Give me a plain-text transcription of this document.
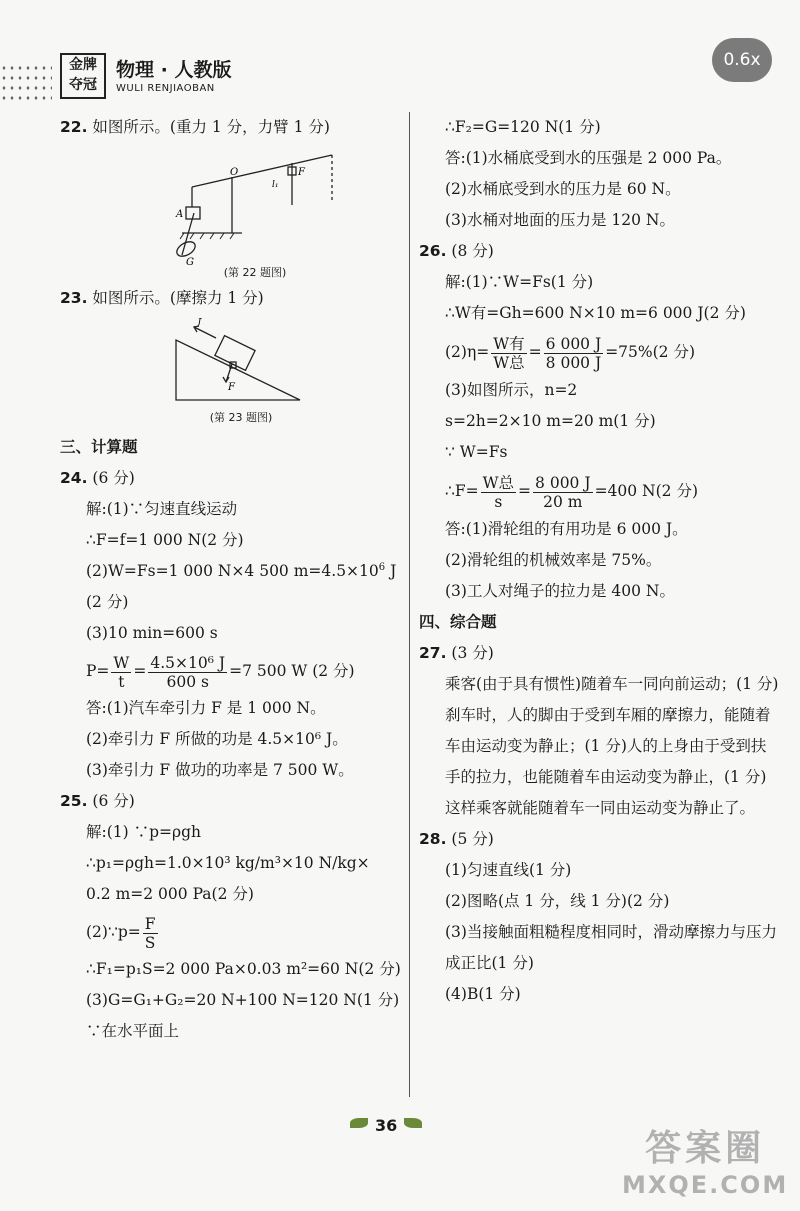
金牌
夺冠
物理 · 人教版
WULI RENJIAOBAN
0.6x
22. 如图所示。(重力 1 分，力臂 1 分)
O
A
F
l₁
G
(第 22 题图)
23. 如图所示。(摩擦力 1 分)
f
F
(第 23 题图)
三、计算题
24. (6 分)
解:(1)∵匀速直线运动
∴F=f=1 000 N(2 分)
(2)W=Fs=1 000 N×4 500 $m=4.5\times 10^6$ J
(2 分)
(3)10 min=600 s
$P= \frac{W}{t} = \frac{\text{4.5×10⁶ J}}{600 s} =7$ 500 W (2 分)
答:(1)汽车牵引力 F 是 1 000 N。
(2)牵引力 F 所做的功是 4.5×10⁶ J。
(3)牵引力 F 做功的功率是 7 500 W。
25. (6 分)
解:(1) ∵p=ρgh
∴p₁=ρgh=1.0×10³ kg/m³×10 N/kg×
0.2 m=2 000 Pa(2 分)
(2)∵p= $\frac{F}{S}$
∴F₁=p₁S=2 000 Pa×0.03 m²=60 N(2 分)
(3)G=G₁+G₂=20 N+100 N=120 N(1 分)
∵在水平面上
∴F₂=G=120 N(1 分)
答:(1)水桶底受到水的压强是 2 000 Pa。
(2)水桶底受到水的压力是 60 N。
(3)水桶对地面的压力是 120 N。
26. (8 分)
解:(1)∵W=Fs(1 分)
∴W有=Gh=600 N×10 m=6 000 J(2 分)
$(2)\eta= \frac{\text{W有}}{\text{W总}} = \frac{6 000 J}{8 000 J} =75\%(2$ 分)
(3)如图所示，n=2
s=2h=2×10 m=20 m(1 分)
∵ W=Fs
∴F= $\frac{\text{W总}}{s} = \frac{8 000 J}{20 m} =400$ N(2 分)
答:(1)滑轮组的有用功是 6 000 J。
(2)滑轮组的机械效率是 75%。
(3)工人对绳子的拉力是 400 N。
四、综合题
27. (3 分)
乘客(由于具有惯性)随着车一同向前运动；(1 分)刹车时，人的脚由于受到车厢的摩擦力，能随着车由运动变为静止；(1 分)人的上身由于受到扶手的拉力，也能随着车由运动变为静止，(1 分)这样乘客就能随着车一同由运动变为静止了。
28. (5 分)
(1)匀速直线(1 分)
(2)图略(点 1 分，线 1 分)(2 分)
(3)当接触面粗糙程度相同时，滑动摩擦力与压力成正比(1 分)
(4)B(1 分)
36
答案圈
MXQE.COM
